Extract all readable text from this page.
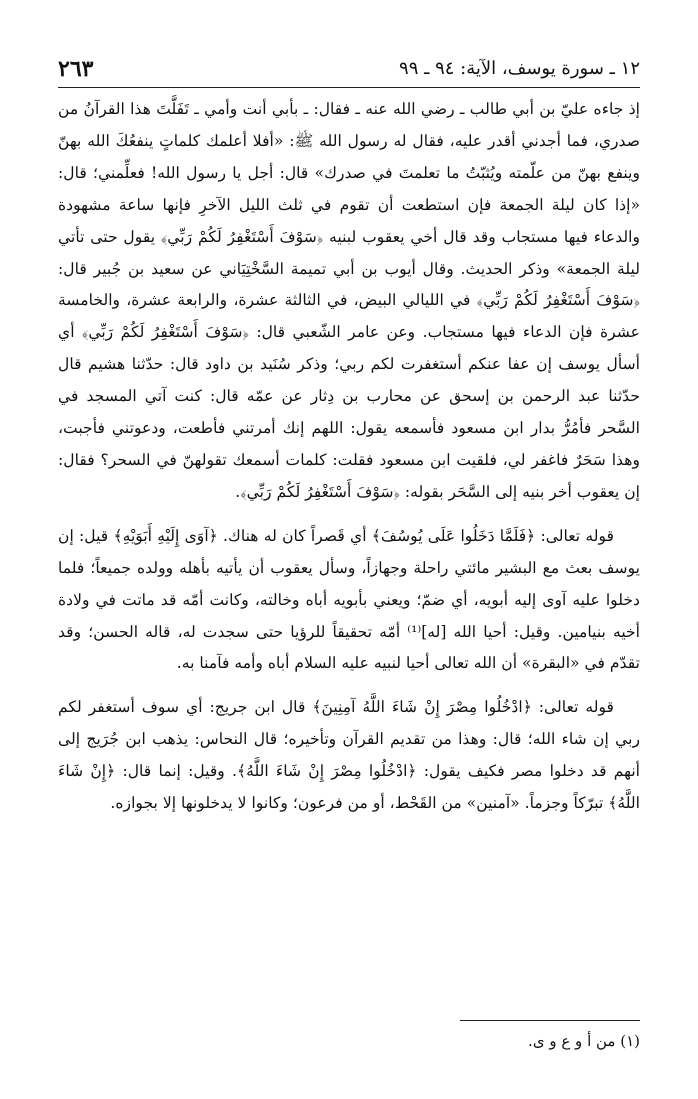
١٢ ـ سورة يوسف، الآية: ٩٤ ـ ٩٩
٢٦٣

إذ جاءه عليّ بن أبي طالب ـ رضي الله عنه ـ فقال: ـ بأبي أنت وأمي ـ تَفَلَّتَ هذا القرآنُ من صدري، فما أجدني أقدر عليه، فقال له رسول الله ﷺ: «أفلا أعلمك كلماتٍ ينفعُكَ الله بهنّ وينفع بهنّ من علّمته ويُثبّتُ ما تعلمتَ في صدرك» قال: أجل يا رسول الله! فعلِّمني؛ قال: «إذا كان ليلة الجمعة فإن استطعت أن تقوم في ثلث الليل الآخرِ فإنها ساعة مشهودة والدعاء فيها مستجاب وقد قال أخي يعقوب لبنيه ﴿سَوْفَ أَسْتَغْفِرُ لَكُمْ رَبِّي﴾ يقول حتى تأتي ليلة الجمعة» وذكر الحديث. وقال أيوب بن أبي تميمة السَّخْتِيَاني عن سعيد بن جُبير قال: ﴿سَوْفَ أَسْتَغْفِرُ لَكُمْ رَبِّي﴾ في الليالي البيض، في الثالثة عشرة، والرابعة عشرة، والخامسة عشرة فإن الدعاء فيها مستجاب. وعن عامر الشّعبي قال: ﴿سَوْفَ أَسْتَغْفِرُ لَكُمْ رَبِّي﴾ أي أسأل يوسف إن عفا عنكم أستغفرت لكم ربي؛ وذكر سُنَيد بن داود قال: حدّثنا هشيم قال حدّثنا عبد الرحمن بن إسحق عن محارب بن دِثار عن عمّه قال: كنت آتي المسجد في السَّحر فأمُرُّ بدار ابن مسعود فأسمعه يقول: اللهم إنك أمرتني فأطعت، ودعوتني فأجبت، وهذا سَحَرٌ فاغفر لي، فلقيت ابن مسعود فقلت: كلمات أسمعك تقولهنّ في السحر؟ فقال: إن يعقوب أخر بنيه إلى السَّحَر بقوله: ﴿سَوْفَ أَسْتَغْفِرُ لَكُمْ رَبِّي﴾.

قوله تعالى: ﴿فَلَمَّا دَخَلُوا عَلَى يُوسُفَ﴾ أي قَصراً كان له هناك. ﴿آوَى إِلَيْهِ أَبَوَيْهِ﴾ قيل: إن يوسف بعث مع البشير مائتي راحلة وجهازاً، وسأل يعقوب أن يأتيه بأهله وولده جميعاً؛ فلما دخلوا عليه آوى إليه أبويه، أي ضمّ؛ ويعني بأبويه أباه وخالته، وكانت أمّه قد ماتت في ولادة أخيه بنيامين. وقيل: أحيا الله [له]⁽¹⁾ أمّه تحقيقاً للرؤيا حتى سجدت له، قاله الحسن؛ وقد تقدّم في «البقرة» أن الله تعالى أحيا لنبيه عليه السلام أباه وأمه فآمنا به.

قوله تعالى: ﴿ادْخُلُوا مِصْرَ إِنْ شَاءَ اللَّهُ آمِنِينَ﴾ قال ابن جريج: أي سوف أستغفر لكم ربي إن شاء الله؛ قال: وهذا من تقديم القرآن وتأخيره؛ قال النحاس: يذهب ابن جُرَيج إلى أنهم قد دخلوا مصر فكيف يقول: ﴿ادْخُلُوا مِصْرَ إِنْ شَاءَ اللَّهُ﴾. وقيل: إنما قال: ﴿إِنْ شَاءَ اللَّهُ﴾ تبرّكاً وجزماً. «آمنين» من القَحْط، أو من فرعون؛ وكانوا لا يدخلونها إلا بجوازه.

(١) من أ و ع و ى.
